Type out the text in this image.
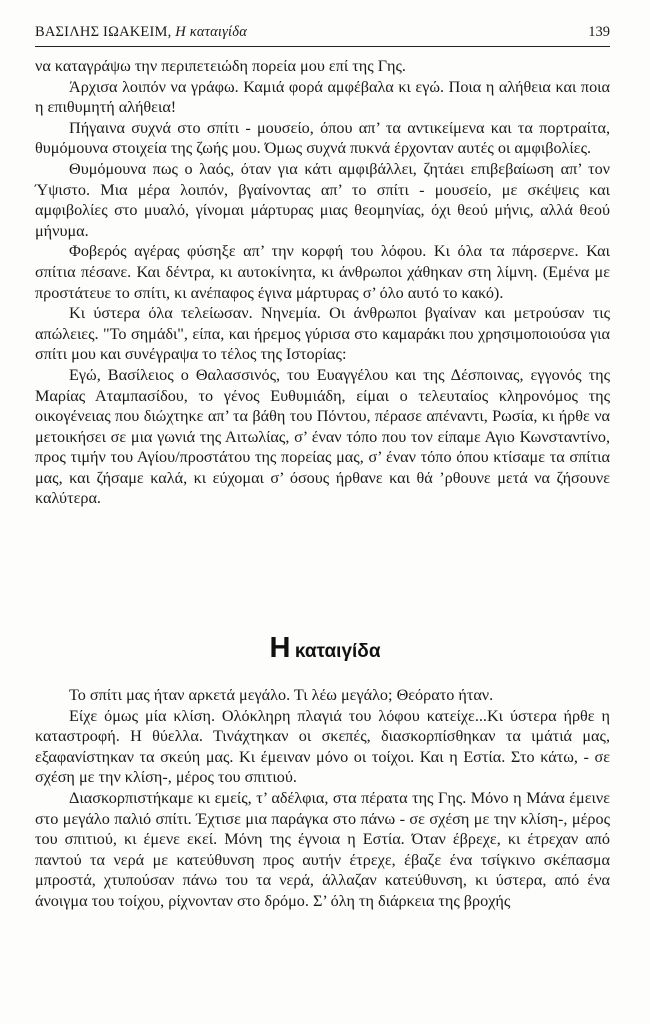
ΒΑΣΙΛΗΣ ΙΩΑΚΕΙΜ, Η καταιγίδα	139

να καταγράψω την περιπετειώδη πορεία μου επί της Γης.

Άρχισα λοιπόν να γράφω. Καμιά φορά αμφέβαλα κι εγώ. Ποια η αλήθεια και ποια η επιθυμητή αλήθεια!

Πήγαινα συχνά στο σπίτι - μουσείο, όπου απ’ τα αντικείμενα και τα πορτραίτα, θυμόμουνα στοιχεία της ζωής μου. Όμως συχνά πυκνά έρχονταν αυτές οι αμφιβολίες.

Θυμόμουνα πως ο λαός, όταν για κάτι αμφιβάλλει, ζητάει επιβεβαίωση απ’ τον Ύψιστο. Μια μέρα λοιπόν, βγαίνοντας απ’ το σπίτι - μουσείο, με σκέψεις και αμφιβολίες στο μυαλό, γίνομαι μάρτυρας μιας θεομηνίας, όχι θεού μήνις, αλλά θεού μήνυμα.

Φοβερός αγέρας φύσηξε απ’ την κορφή του λόφου. Κι όλα τα πάρσερνε. Και σπίτια πέσανε. Και δέντρα, κι αυτοκίνητα, κι άνθρωποι χάθηκαν στη λίμνη. (Εμένα με προστάτευε το σπίτι, κι ανέπαφος έγινα μάρτυρας σ’ όλο αυτό το κακό).

Κι ύστερα όλα τελείωσαν. Νηνεμία. Οι άνθρωποι βγαίναν και μετρούσαν τις απώλειες. "Το σημάδι", είπα, και ήρεμος γύρισα στο καμαράκι που χρησιμοποιούσα για σπίτι μου και συνέγραψα το τέλος της Ιστορίας:

Εγώ, Βασίλειος ο Θαλασσινός, του Ευαγγέλου και της Δέσποινας, εγγονός της Μαρίας Αταμπασίδου, το γένος Ευθυμιάδη, είμαι ο τελευταίος κληρονόμος της οικογένειας που διώχτηκε απ’ τα βάθη του Πόντου, πέρασε απέναντι, Ρωσία, κι ήρθε να μετοικήσει σε μια γωνιά της Αιτωλίας, σ’ έναν τόπο που τον είπαμε Αγιο Κωνσταντίνο, προς τιμήν του Αγίου/προστάτου της πορείας μας, σ’ έναν τόπο όπου κτίσαμε τα σπίτια μας, και ζήσαμε καλά, κι εύχομαι σ’ όσους ήρθανε και θά ’ρθουνε μετά να ζήσουνε καλύτερα.

Η καταιγίδα

Το σπίτι μας ήταν αρκετά μεγάλο. Τι λέω μεγάλο; Θεόρατο ήταν.

Είχε όμως μία κλίση. Ολόκληρη πλαγιά του λόφου κατείχε...Κι ύστερα ήρθε η καταστροφή. Η θύελλα. Τινάχτηκαν οι σκεπές, διασκορπίσθηκαν τα ιμάτιά μας, εξαφανίστηκαν τα σκεύη μας. Κι έμειναν μόνο οι τοίχοι. Και η Εστία. Στο κάτω, - σε σχέση με την κλίση-, μέρος του σπιτιού.

Διασκορπιστήκαμε κι εμείς, τ’ αδέλφια, στα πέρατα της Γης. Μόνο η Μάνα έμεινε στο μεγάλο παλιό σπίτι. Έχτισε μια παράγκα στο πάνω - σε σχέση με την κλίση-, μέρος του σπιτιού, κι έμενε εκεί. Μόνη της έγνοια η Εστία. Όταν έβρεχε, κι έτρεχαν από παντού τα νερά με κατεύθυνση προς αυτήν έτρεχε, έβαζε ένα τσίγκινο σκέπασμα μπροστά, χτυπούσαν πάνω του τα νερά, άλλαζαν κατεύθυνση, κι ύστερα, από ένα άνοιγμα του τοίχου, ρίχνονταν στο δρόμο. Σ’ όλη τη διάρκεια της βροχής
